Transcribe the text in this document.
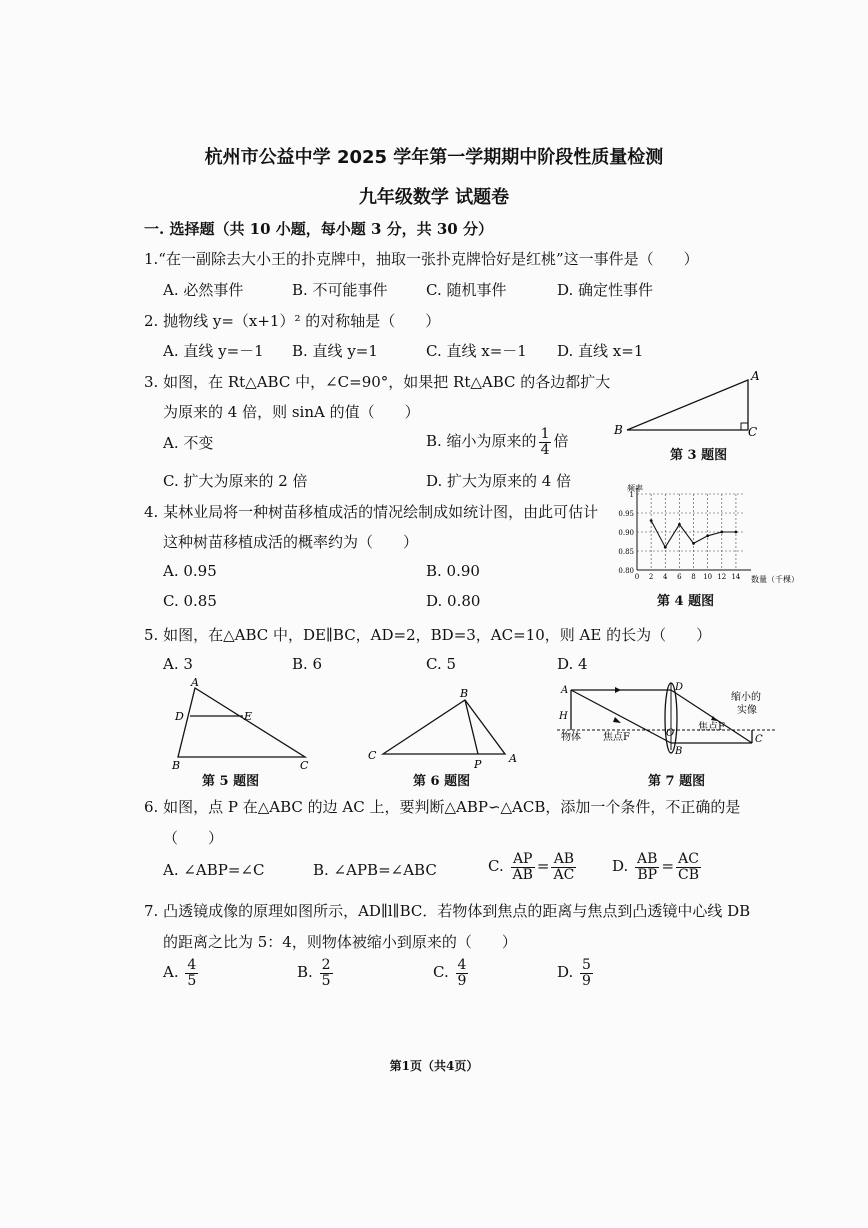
杭州市公益中学 2025 学年第一学期期中阶段性质量检测
九年级数学 试题卷
一. 选择题（共 10 小题，每小题 3 分，共 30 分）
1.“在一副除去大小王的扑克牌中，抽取一张扑克牌恰好是红桃”这一事件是（　　）
A. 必然事件	B. 不可能事件	C. 随机事件	D. 确定性事件
2. 抛物线 y=（x+1）² 的对称轴是（　　）
A. 直线 y=－1 B. 直线 y=1	C. 直线 x=－1 D. 直线 x=1
3. 如图，在 Rt△ABC 中，∠C=90°，如果把 Rt△ABC 的各边都扩大
为原来的 4 倍，则 sinA 的值（　　）
A. 不变	B. 缩小为原来的 $\frac{1}{4}$ 倍
C. 扩大为原来的 2 倍	D. 扩大为原来的 4 倍
A
B	C
第 3 题图
4. 某林业局将一种树苗移植成活的情况绘制成如统计图，由此可估计
这种树苗移植成活的概率约为（　　）
A. 0.95	B. 0.90
C. 0.85	D. 0.80
0.80
0.85
0.90
0.95
1
0 2 4 6 8 10 12 14
频率
数量（千棵）
第 4 题图
5. 如图，在△ABC 中，DE∥BC，AD=2，BD=3，AC=10，则 AE 的长为（　　）
A. 3	B. 6	C. 5	D. 4
A
D	E
B	C
第 5 题图
B
C
P	A
第 6 题图
A	D
H
物体 焦点F	O
焦点F
B
C
缩小的
实像
第 7 题图
6. 如图，点 P 在△ABC 的边 AC 上，要判断△ABP∽△ACB，添加一个条件，不正确的是
（　　）
A. ∠ABP=∠C	B. ∠APB=∠ABC	C. $\frac{AP}{AB} = \frac{AB}{AC} D$. $\frac{AB}{BP} = \frac{AC}{CB}$
7. 凸透镜成像的原理如图所示，AD∥l∥BC．若物体到焦点的距离与焦点到凸透镜中心线 DB
的距离之比为 5：4，则物体被缩小到原来的（　　）
A. $\frac{4}{5}$	B. $\frac{2}{5}$	C. $\frac{4}{9}$	D. $\frac{5}{9}$
第1页（共4页）
